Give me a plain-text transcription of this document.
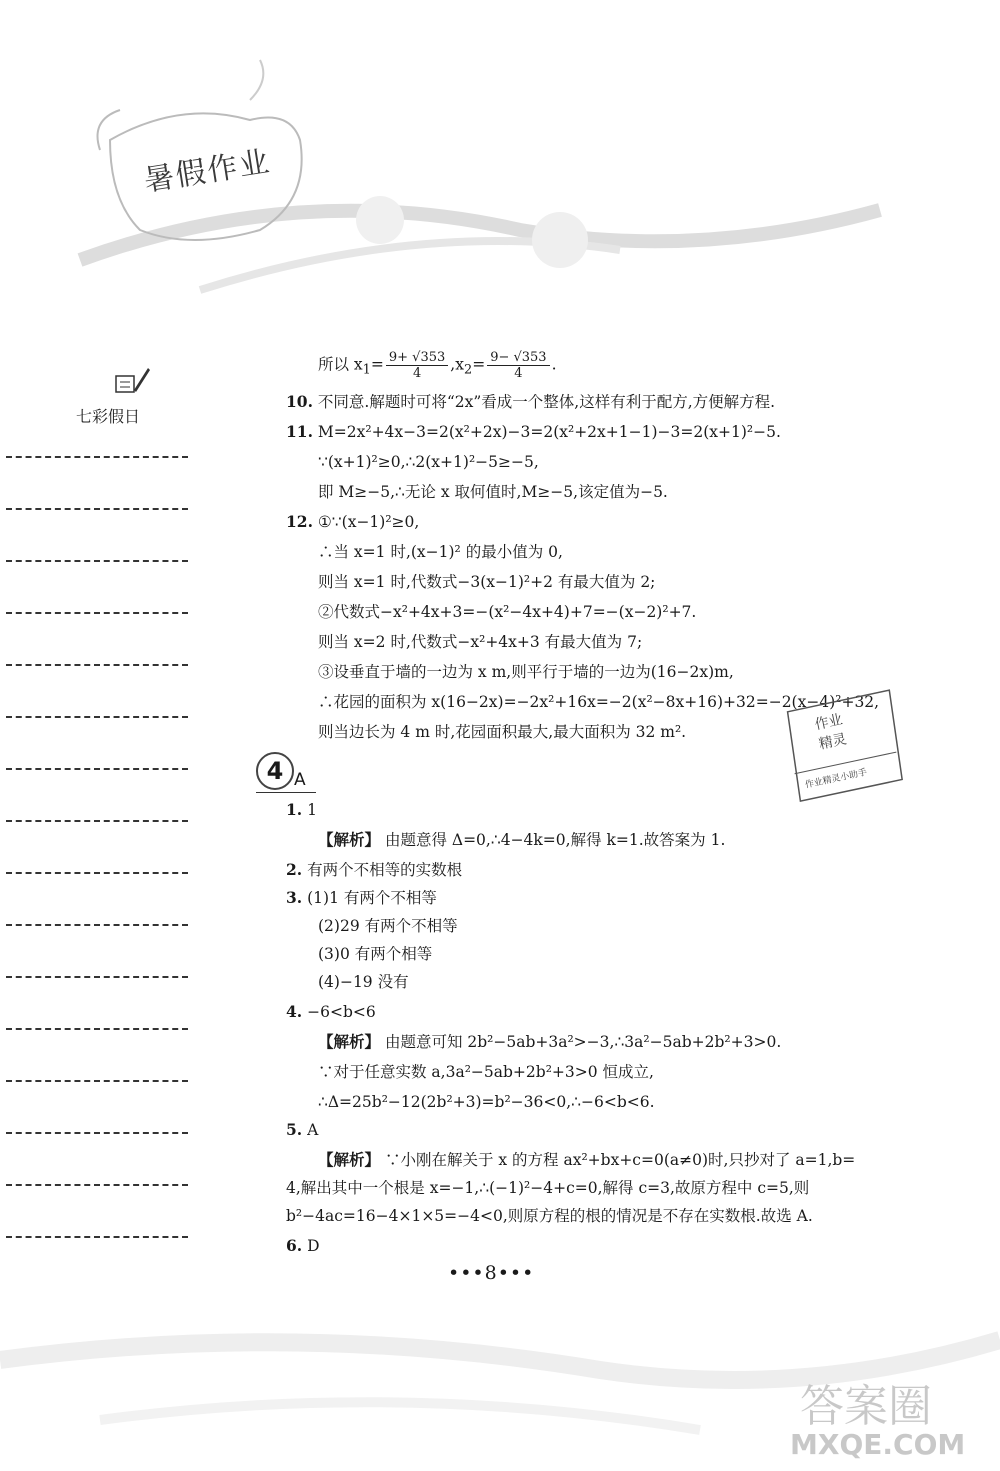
暑假作业
七彩假日
所以 $x_1= \frac{9+ √353}{4} ,x_2= \frac{9- √353}{4}$ .
10. 不同意.解题时可将“2x”看成一个整体,这样有利于配方,方便解方程.
11. M=2x²+4x−3=2(x²+2x)−3=2(x²+2x+1−1)−3=2(x+1)²−5.
∵(x+1)²≥0,∴2(x+1)²−5≥−5,
即 M≥−5,∴无论 x 取何值时,M≥−5,该定值为−5.
12. ①∵(x−1)²≥0,
∴当 x=1 时,(x−1)² 的最小值为 0,
则当 x=1 时,代数式−3(x−1)²+2 有最大值为 2;
②代数式−x²+4x+3=−(x²−4x+4)+7=−(x−2)²+7.
则当 x=2 时,代数式−x²+4x+3 有最大值为 7;
③设垂直于墙的一边为 x m,则平行于墙的一边为(16−2x)m,
∴花园的面积为 x(16−2x)=−2x²+16x=−2(x²−8x+16)+32=−2(x−4)²+32,
则当边长为 4 m 时,花园面积最大,最大面积为 32 m².	作业
精灵
作业精灵小助手
4 A
1. 1
【解析】 由题意得 Δ=0,∴4−4k=0,解得 k=1.故答案为 1.
2. 有两个不相等的实数根
3. (1)1 有两个不相等
(2)29 有两个不相等
(3)0 有两个相等
(4)−19 没有
4. −6<b<6
【解析】 由题意可知 2b²−5ab+3a²>−3,∴3a²−5ab+2b²+3>0.
∵对于任意实数 a,3a²−5ab+2b²+3>0 恒成立,
∴Δ=25b²−12(2b²+3)=b²−36<0,∴−6<b<6.
5. A
【解析】 ∵小刚在解关于 x 的方程 ax²+bx+c=0(a≠0)时,只抄对了 a=1,b=
4,解出其中一个根是 x=−1,∴(−1)²−4+c=0,解得 c=3,故原方程中 c=5,则
b²−4ac=16−4×1×5=−4<0,则原方程的根的情况是不存在实数根.故选 A.
6. D
•••8•••
答案圈
MXQE.COM
